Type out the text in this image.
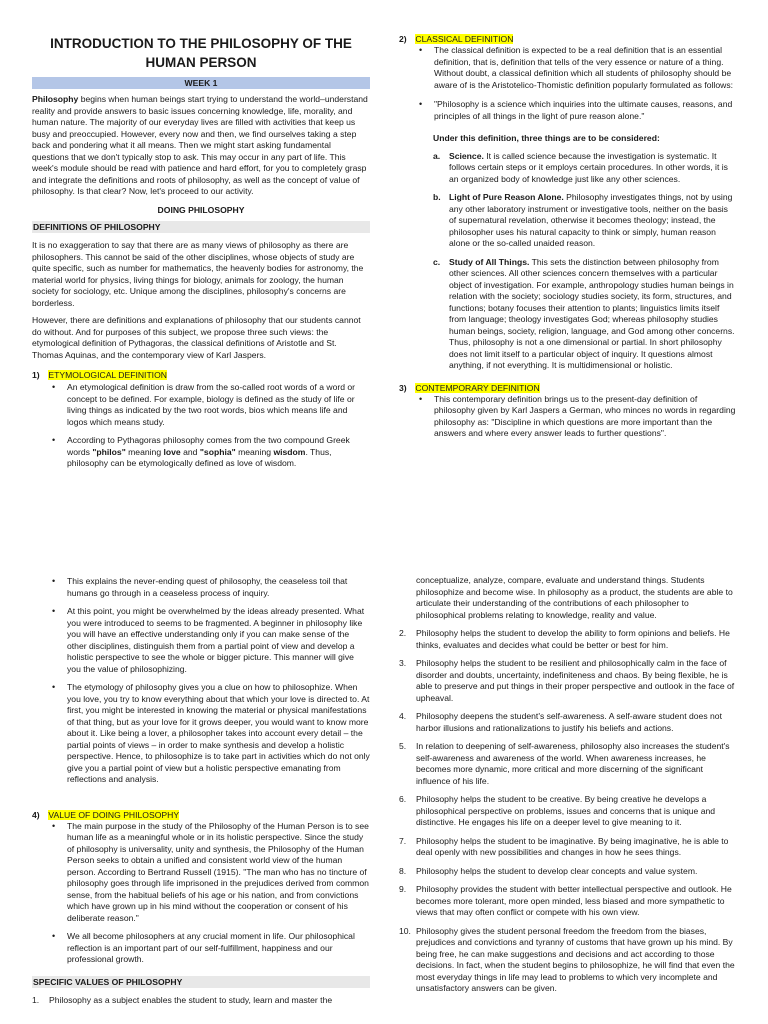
INTRODUCTION TO THE PHILOSOPHY OF THE HUMAN PERSON
WEEK 1

Philosophy begins when human beings start trying to understand the world–understand reality and provide answers to basic issues concerning knowledge, life, morality, and human nature. The majority of our everyday lives are filled with activities that keep us busy and preoccupied. However, every now and then, we find ourselves taking a step back and pondering what it all means. Then we might start asking fundamental questions that we don't typically stop to ask. This may occur in any part of life. This week's module should be read with patience and hard effort, for you to completely grasp and integrate the definitions and roots of philosophy, as well as the concept of value of philosophy. Is that clear? Now, let's proceed to our activity.

DOING PHILOSOPHY

DEFINITIONS OF PHILOSOPHY

It is no exaggeration to say that there are as many views of philosophy as there are philosophers. This cannot be said of the other disciplines, whose objects of study are quite specific, such as number for mathematics, the heavenly bodies for astronomy, the material world for physics, living things for biology, animals for zoology, the human society for sociology, etc. Unique among the disciplines, philosophy's concerns are borderless.

However, there are definitions and explanations of philosophy that our students cannot do without. And for purposes of this subject, we propose three such views: the etymological definition of Pythagoras, the classical definitions of Aristotle and St. Thomas Aquinas, and the contemporary view of Karl Jaspers.

1) ETYMOLOGICAL DEFINITION

• An etymological definition is draw from the so-called root words of a word or concept to be defined. For example, biology is defined as the study of life or living things as indicated by the two root words, bios which means life and logos which means study.

• According to Pythagoras philosophy comes from the two compound Greek words "philos" meaning love and "sophia" meaning wisdom. Thus, philosophy can be etymologically defined as love of wisdom.

2) CLASSICAL DEFINITION

• The classical definition is expected to be a real definition that is an essential definition, that is, definition that tells of the very essence or nature of a thing. Without doubt, a classical definition which all students of philosophy should be aware of is the Aristotelico-Thomistic definition popularly formulated as follows:

• "Philosophy is a science which inquiries into the ultimate causes, reasons, and principles of all things in the light of pure reason alone."

Under this definition, three things are to be considered:

a. Science. It is called science because the investigation is systematic. It follows certain steps or it employs certain procedures. In other words, it is an organized body of knowledge just like any other sciences.

b. Light of Pure Reason Alone. Philosophy investigates things, not by using any other laboratory instrument or investigative tools, neither on the basis of supernatural revelation, otherwise it becomes theology; instead, the philosopher uses his natural capacity to think or simply, human reason alone or the so-called unaided reason.

c. Study of All Things. This sets the distinction between philosophy from other sciences. All other sciences concern themselves with a particular object of investigation. For example, anthropology studies human beings in relation with the society; sociology studies society, its form, structures, and functions; botany focuses their attention to plants; linguistics limits itself from language; theology investigates God; whereas philosophy studies human beings, society, religion, language, and God among other concerns. Thus, philosophy is not a one dimensional or partial. In short philosophy does not limit itself to a particular object of inquiry. It questions almost anything, if not everything. It is multidimensional or holistic.

3) CONTEMPORARY DEFINITION

• This contemporary definition brings us to the present-day definition of philosophy given by Karl Jaspers a German, who minces no words in regarding philosophy as: "Discipline in which questions are more important than the answers and where every answer leads to further questions".

• This explains the never-ending quest of philosophy, the ceaseless toil that humans go through in a ceaseless process of inquiry.

• At this point, you might be overwhelmed by the ideas already presented. What you were introduced to seems to be fragmented. A beginner in philosophy like you will have an effective understanding only if you can make sense of the other disciplines, distinguish them from a partial point of view and develop a holistic perspective to see the whole or bigger picture. This manner will give you the value of philosophizing.

• The etymology of philosophy gives you a clue on how to philosophize. When you love, you try to know everything about that which your love is directed to. At first, you might be interested in knowing the material or physical manifestations of that thing, but as your love for it grows deeper, you would want to know more about it. Like being a lover, a philosopher takes into account every detail – the partial points of views – in order to make synthesis and develop a holistic perspective. Hence, to philosophize is to take part in activities which do not only give you a partial point of view but a holistic perspective emanating from reflections and analysis.

4) VALUE OF DOING PHILOSOPHY

• The main purpose in the study of the Philosophy of the Human Person is to see human life as a meaningful whole or in its holistic perspective. Since the study of philosophy is universality, unity and synthesis, the Philosophy of the Human Person seeks to obtain a unified and consistent world view of the human person. According to Bertrand Russell (1915). "The man who has no tincture of philosophy goes through life imprisoned in the prejudices derived from common sense, from the habitual beliefs of his age or his nation, and from convictions which have grown up in his mind without the cooperation or consent of his deliberate reason."

• We all become philosophers at any crucial moment in life. Our philosophical reflection is an important part of our self-fulfillment, happiness and our professional growth.

SPECIFIC VALUES OF PHILOSOPHY

1. Philosophy as a subject enables the student to study, learn and master the

conceptualize, analyze, compare, evaluate and understand things. Students philosophize and become wise. In philosophy as a product, the students are able to articulate their understanding of the contributions of each philosopher to philosophical problems relating to knowledge, reality and value.

2. Philosophy helps the student to develop the ability to form opinions and beliefs. He thinks, evaluates and decides what could be better or best for him.

3. Philosophy helps the student to be resilient and philosophically calm in the face of disorder and doubts, uncertainty, indefiniteness and chaos. By being flexible, he is able to preserve and put things in their proper perspective and outlook in the face of upheaval.

4. Philosophy deepens the student's self-awareness. A self-aware student does not harbor illusions and rationalizations to justify his beliefs and actions.

5. In relation to deepening of self-awareness, philosophy also increases the student's self-awareness and awareness of the world. When awareness increases, he becomes more dynamic, more critical and more discerning of the significant influence of his life.

6. Philosophy helps the student to be creative. By being creative he develops a philosophical perspective on problems, issues and concerns that is unique and distinctive. He engages his life on a deeper level to give meaning to it.

7. Philosophy helps the student to be imaginative. By being imaginative, he is able to deal openly with new possibilities and changes in how he sees things.

8. Philosophy helps the student to develop clear concepts and value system.

9. Philosophy provides the student with better intellectual perspective and outlook. He becomes more tolerant, more open minded, less biased and more sympathetic to views that may often conflict or compete with his own view.

10. Philosophy gives the student personal freedom the freedom from the biases, prejudices and convictions and tyranny of customs that have grown up his mind. By being free, he can make suggestions and decisions and act according to those decisions. In fact, when the student begins to philosophize, he will find that even the most everyday things in life may lead to problems to which very incomplete and unsatisfactory answers can be given.
